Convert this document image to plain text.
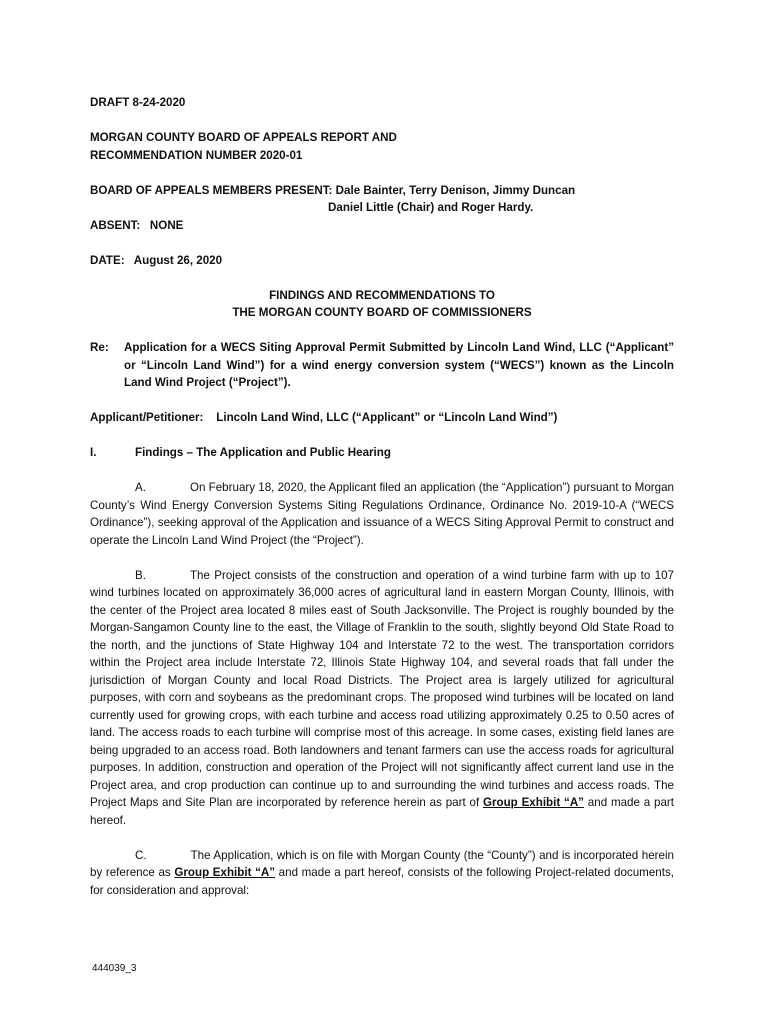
DRAFT 8-24-2020
MORGAN COUNTY BOARD OF APPEALS REPORT AND
RECOMMENDATION NUMBER 2020-01
BOARD OF APPEALS MEMBERS PRESENT: Dale Bainter, Terry Denison, Jimmy Duncan
Daniel Little (Chair) and Roger Hardy.
ABSENT: NONE
DATE: August 26, 2020
FINDINGS AND RECOMMENDATIONS TO
THE MORGAN COUNTY BOARD OF COMMISSIONERS
Re:	Application for a WECS Siting Approval Permit Submitted by Lincoln Land Wind, LLC (“Applicant” or “Lincoln Land Wind”) for a wind energy conversion system (“WECS”) known as the Lincoln Land Wind Project (“Project”).
Applicant/Petitioner: Lincoln Land Wind, LLC (“Applicant” or “Lincoln Land Wind”)
I.	Findings – The Application and Public Hearing
A.	On February 18, 2020, the Applicant filed an application (the “Application”) pursuant to Morgan County’s Wind Energy Conversion Systems Siting Regulations Ordinance, Ordinance No. 2019-10-A (“WECS Ordinance”), seeking approval of the Application and issuance of a WECS Siting Approval Permit to construct and operate the Lincoln Land Wind Project (the “Project”).
B.	The Project consists of the construction and operation of a wind turbine farm with up to 107 wind turbines located on approximately 36,000 acres of agricultural land in eastern Morgan County, Illinois, with the center of the Project area located 8 miles east of South Jacksonville. The Project is roughly bounded by the Morgan-Sangamon County line to the east, the Village of Franklin to the south, slightly beyond Old State Road to the north, and the junctions of State Highway 104 and Interstate 72 to the west. The transportation corridors within the Project area include Interstate 72, Illinois State Highway 104, and several roads that fall under the jurisdiction of Morgan County and local Road Districts. The Project area is largely utilized for agricultural purposes, with corn and soybeans as the predominant crops. The proposed wind turbines will be located on land currently used for growing crops, with each turbine and access road utilizing approximately 0.25 to 0.50 acres of land. The access roads to each turbine will comprise most of this acreage. In some cases, existing field lanes are being upgraded to an access road. Both landowners and tenant farmers can use the access roads for agricultural purposes. In addition, construction and operation of the Project will not significantly affect current land use in the Project area, and crop production can continue up to and surrounding the wind turbines and access roads. The Project Maps and Site Plan are incorporated by reference herein as part of Group Exhibit “A” and made a part hereof.
C.	The Application, which is on file with Morgan County (the “County”) and is incorporated herein by reference as Group Exhibit “A” and made a part hereof, consists of the following Project-related documents, for consideration and approval:
444039_3
